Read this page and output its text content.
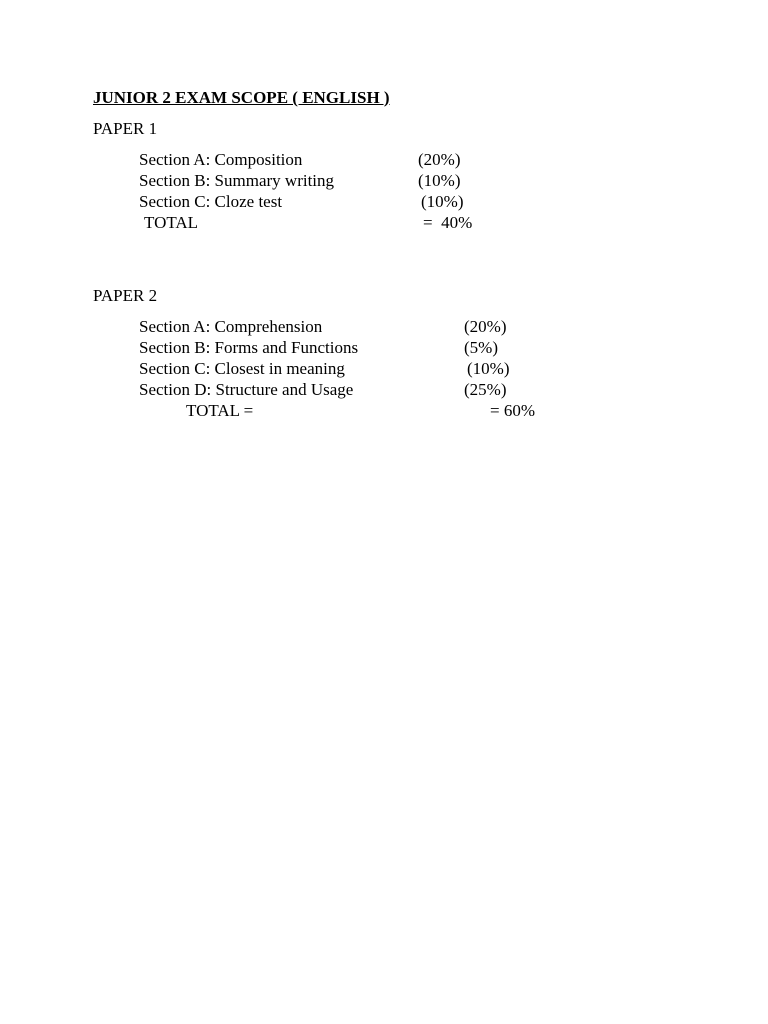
JUNIOR 2 EXAM SCOPE ( ENGLISH )
PAPER 1
Section A: Composition	(20%)
Section B: Summary writing	(10%)
Section C: Cloze test	(10%)
TOTAL	=  40%
PAPER 2
Section A: Comprehension	(20%)
Section B: Forms and Functions	(5%)
Section C: Closest in meaning	(10%)
Section D: Structure and Usage	(25%)
TOTAL =	= 60%
